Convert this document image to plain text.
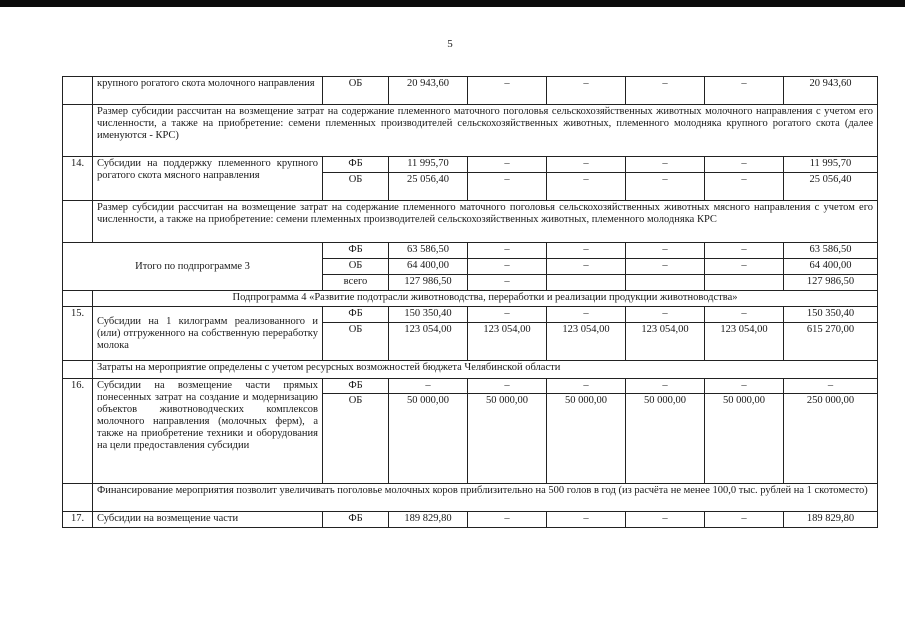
5
	крупного рогатого скота молочного направления	ОБ	20 943,60	–	–	–	–	20 943,60
	Размер субсидии рассчитан на возмещение затрат на содержание племенного маточного поголовья сельскохозяйственных животных молочного направления с учетом его численности, а также на приобретение: семени племенных производителей сельскохозяйственных животных, племенного молодняка крупного рогатого скота (далее именуются - КРС)							
14.	Субсидии на поддержку племенного крупного рогатого скота мясного направления	ФБ	11 995,70	–	–	–	–	11 995,70
		ОБ	25 056,40	–	–	–	–	25 056,40
	Размер субсидии рассчитан на возмещение затрат на содержание племенного маточного поголовья сельскохозяйственных животных мясного направления с учетом его численности, а также на приобретение: семени племенных производителей сельскохозяйственных животных, племенного молодняка КРС							
Итого по подпрограмме 3		ФБ	63 586,50	–	–	–	–	63 586,50
		ОБ	64 400,00	–	–	–	–	64 400,00
		всего	127 986,50	–				127 986,50
	Подпрограмма 4 «Развитие подотрасли животноводства, переработки и реализации продукции животноводства»							
15.	Субсидии на 1 килограмм реализованного и (или) отгруженного на собственную переработку молока	ФБ	150 350,40	–	–	–	–	150 350,40
		ОБ	123 054,00	123 054,00	123 054,00	123 054,00	123 054,00	615 270,00
	Затраты на мероприятие определены с учетом ресурсных возможностей бюджета Челябинской области							
16.	Субсидии на возмещение части прямых понесенных затрат на создание и модернизацию объектов животноводческих комплексов молочного направления (молочных ферм), а также на приобретение техники и оборудования на цели предоставления субсидии	ФБ	–	–	–	–	–	–
		ОБ	50 000,00	50 000,00	50 000,00	50 000,00	50 000,00	250 000,00
	Финансирование мероприятия позволит увеличивать поголовье молочных коров приблизительно на 500 голов в год (из расчёта не менее 100,0 тыс. рублей на 1 скотоместо)							
17.	Субсидии на возмещение части	ФБ	189 829,80	–	–	–	–	189 829,80
